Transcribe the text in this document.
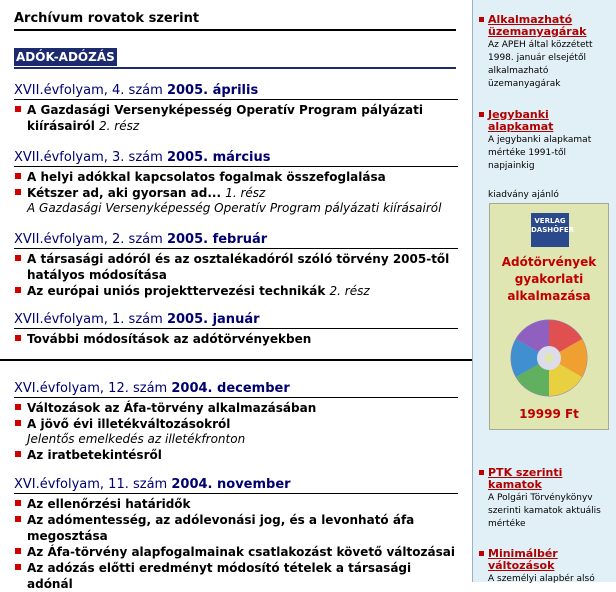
Archívum rovatok szerint
ADÓK-ADÓZÁS
XVII.évfolyam, 4. szám 2005. április
A Gazdasági Versenyképesség Operatív Program pályázati kiírásairól 2. rész
XVII.évfolyam, 3. szám 2005. március
A helyi adókkal kapcsolatos fogalmak összefoglalása
Kétszer ad, aki gyorsan ad... 1. rész
A Gazdasági Versenyképesség Operatív Program pályázati kiírásairól
XVII.évfolyam, 2. szám 2005. február
A társasági adóról és az osztalékadóról szóló törvény 2005-től hatályos módosítása
Az európai uniós projekttervezési technikák 2. rész
XVII.évfolyam, 1. szám 2005. január
További módosítások az adótörvényekben
XVI.évfolyam, 12. szám 2004. december
Változások az Áfa-törvény alkalmazásában
A jövő évi illetékváltozásokról
Jelentős emelkedés az illetékfronton
Az iratbetekintésről
XVI.évfolyam, 11. szám 2004. november
Az ellenőrzési határidők
Az adómentesség, az adólevonási jog, és a levonható áfa megosztása
Az Áfa-törvény alapfogalmainak csatlakozást követő változásai
Az adózás előtti eredményt módosító tételek a társasági adónál
Alkalmazható üzemanyagárak
Az APEH által közzétett 1998. január elsejétől alkalmazható üzemanyagárak
Jegybanki alapkamat
A jegybanki alapkamat mértéke 1991-től napjainkig
kiadvány ajánló
VERLAG DASHÖFER
Adótörvények gyakorlati alkalmazása
19999 Ft
PTK szerinti kamatok
A Polgári Törvénykönyv szerinti kamatok aktuális mértéke
Minimálbér változások
A személyi alapbér alsó
